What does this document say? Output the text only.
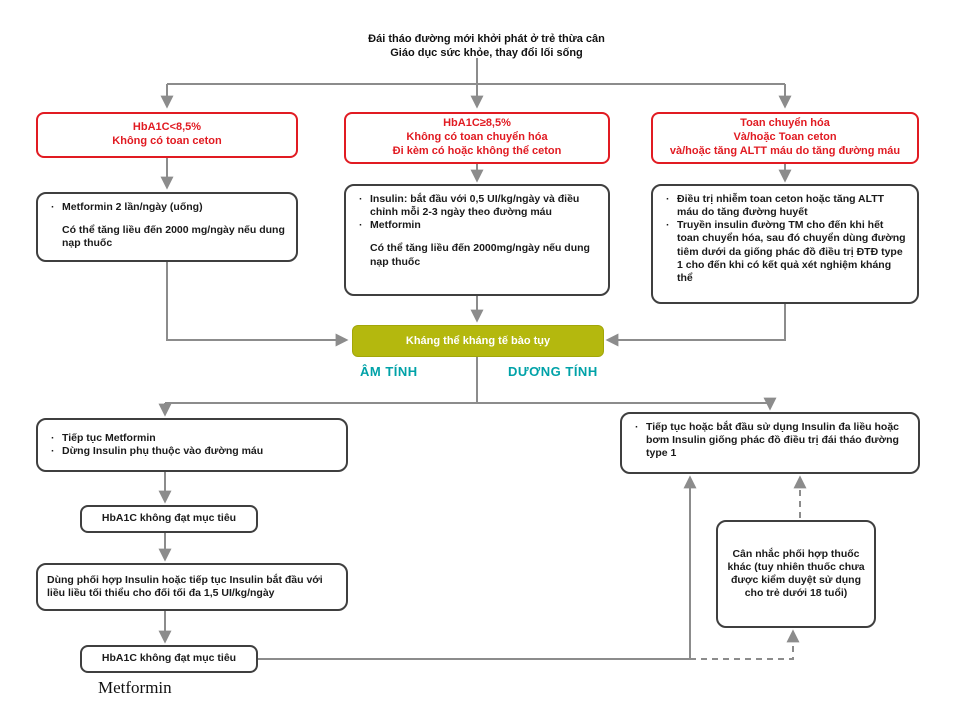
Đái tháo đường mới khởi phát ở trẻ thừa cân
Giáo dục sức khỏe, thay đổi lối sống
HbA1C<8,5%
Không có toan ceton
HbA1C≥8,5%
Không có toan chuyển hóa
Đi kèm có hoặc không thể ceton
Toan chuyển hóa
Và/hoặc Toan ceton
và/hoặc tăng ALTT máu do tăng đường máu
· Metformin 2 lần/ngày (uống)

Có thể tăng liều đến 2000 mg/ngày nếu dung nạp thuốc

· Insulin: bắt đầu với 0,5 UI/kg/ngày và điều chỉnh mỗi 2-3 ngày theo đường máu
· Metformin

Có thể tăng liều đến 2000mg/ngày nếu dung nạp thuốc

· Điều trị nhiễm toan ceton hoặc tăng ALTT máu do tăng đường huyết
· Truyền insulin đường TM cho đến khi hết toan chuyển hóa, sau đó chuyển dùng đường tiêm dưới da giống phác đồ điều trị ĐTĐ type 1 cho đến khi có kết quả xét nghiệm kháng thể
Kháng thể kháng tế bào tụy
ÂM TÍNH	DƯƠNG TÍNH
· Tiếp tục Metformin
· Dừng Insulin phụ thuộc vào đường máu
HbA1C không đạt mục tiêu
Dùng phối hợp Insulin hoặc tiếp tục Insulin bắt đầu với liều liều tối thiểu cho đối tối đa 1,5 UI/kg/ngày
HbA1C không đạt mục tiêu
· Tiếp tục hoặc bắt đầu sử dụng Insulin đa liều hoặc bơm Insulin giống phác đồ điều trị đái tháo đường type 1
Cân nhắc phối hợp thuốc khác (tuy nhiên thuốc chưa được kiểm duyệt sử dụng cho trẻ dưới 18 tuổi)
Metformin
